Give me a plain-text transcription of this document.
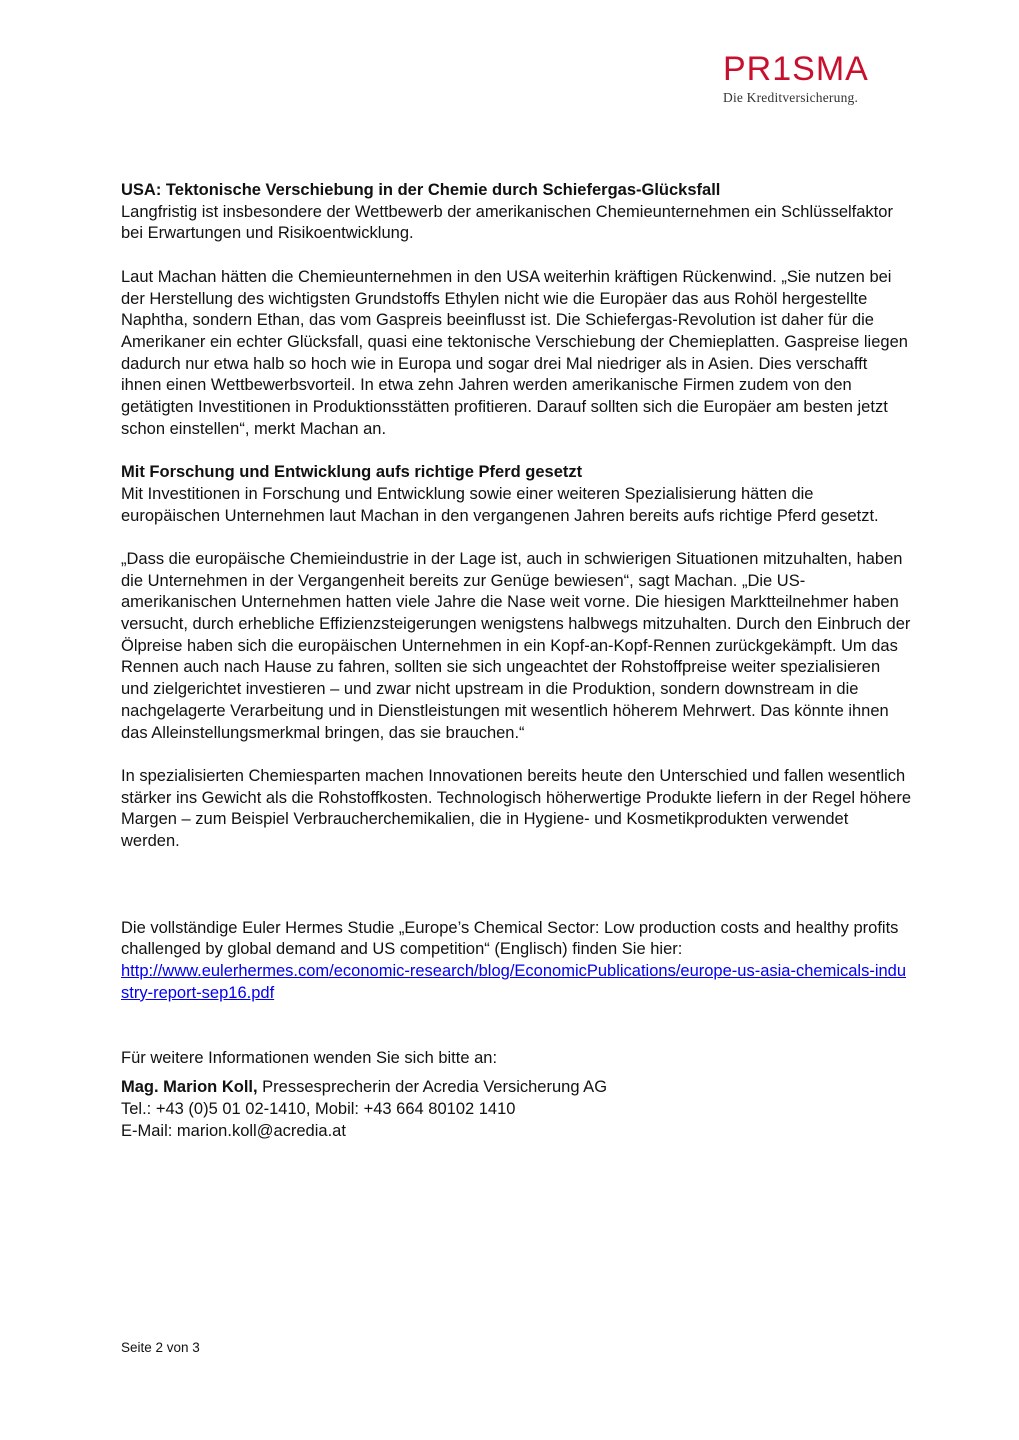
PR1SMA
Die Kreditversicherung.

USA: Tektonische Verschiebung in der Chemie durch Schiefergas-Glücksfall

Langfristig ist insbesondere der Wettbewerb der amerikanischen Chemieunternehmen ein Schlüsselfaktor bei Erwartungen und Risikoentwicklung.

Laut Machan hätten die Chemieunternehmen in den USA weiterhin kräftigen Rückenwind. „Sie nutzen bei der Herstellung des wichtigsten Grundstoffs Ethylen nicht wie die Europäer das aus Rohöl hergestellte Naphtha, sondern Ethan, das vom Gaspreis beeinflusst ist. Die Schiefergas-Revolution ist daher für die Amerikaner ein echter Glücksfall, quasi eine tektonische Verschiebung der Chemieplatten. Gaspreise liegen dadurch nur etwa halb so hoch wie in Europa und sogar drei Mal niedriger als in Asien. Dies verschafft ihnen einen Wettbewerbsvorteil. In etwa zehn Jahren werden amerikanische Firmen zudem von den getätigten Investitionen in Produktionsstätten profitieren. Darauf sollten sich die Europäer am besten jetzt schon einstellen“, merkt Machan an.

Mit Forschung und Entwicklung aufs richtige Pferd gesetzt

Mit Investitionen in Forschung und Entwicklung sowie einer weiteren Spezialisierung hätten die europäischen Unternehmen laut Machan in den vergangenen Jahren bereits aufs richtige Pferd gesetzt.

„Dass die europäische Chemieindustrie in der Lage ist, auch in schwierigen Situationen mitzuhalten, haben die Unternehmen in der Vergangenheit bereits zur Genüge bewiesen“, sagt Machan. „Die US-amerikanischen Unternehmen hatten viele Jahre die Nase weit vorne. Die hiesigen Marktteilnehmer haben versucht, durch erhebliche Effizienzsteigerungen wenigstens halbwegs mitzuhalten. Durch den Einbruch der Ölpreise haben sich die europäischen Unternehmen in ein Kopf-an-Kopf-Rennen zurückgekämpft. Um das Rennen auch nach Hause zu fahren, sollten sie sich ungeachtet der Rohstoffpreise weiter spezialisieren und zielgerichtet investieren – und zwar nicht upstream in die Produktion, sondern downstream in die nachgelagerte Verarbeitung und in Dienstleistungen mit wesentlich höherem Mehrwert. Das könnte ihnen das Alleinstellungsmerkmal bringen, das sie brauchen.“

In spezialisierten Chemiesparten machen Innovationen bereits heute den Unterschied und fallen wesentlich stärker ins Gewicht als die Rohstoffkosten. Technologisch höherwertige Produkte liefern in der Regel höhere Margen – zum Beispiel Verbraucherchemikalien, die in Hygiene- und Kosmetikprodukten verwendet werden.

Die vollständige Euler Hermes Studie „Europe’s Chemical Sector: Low production costs and healthy profits challenged by global demand and US competition“ (Englisch) finden Sie hier:

http://www.eulerhermes.com/economic-research/blog/EconomicPublications/europe-us-asia-chemicals-industry-report-sep16.pdf

Für weitere Informationen wenden Sie sich bitte an:

Mag. Marion Koll, Pressesprecherin der Acredia Versicherung AG

Tel.: +43 (0)5 01 02-1410, Mobil: +43 664 80102 1410

E-Mail: marion.koll@acredia.at

Seite 2 von 3
